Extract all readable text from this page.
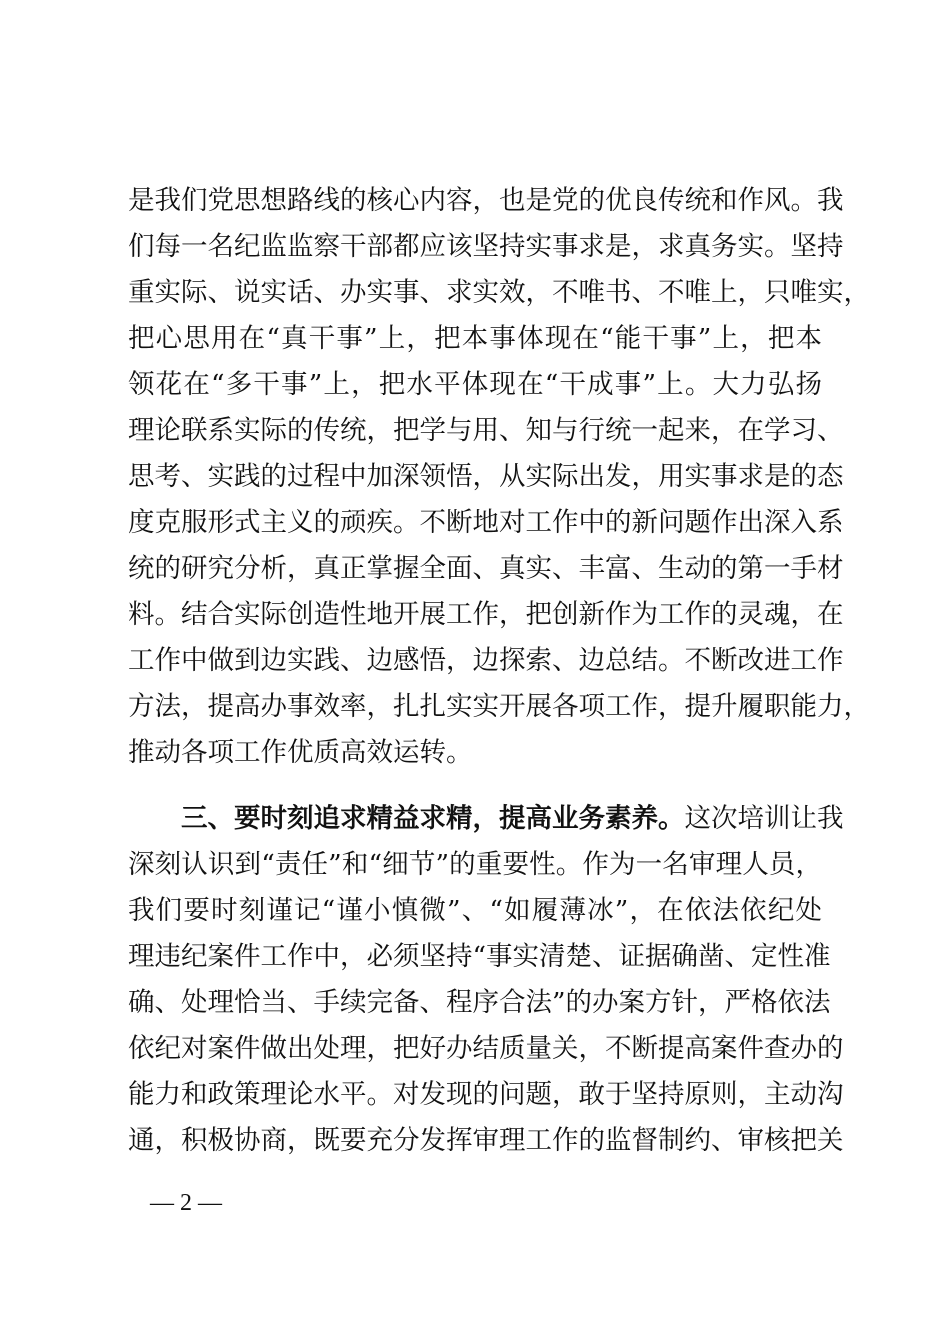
是我们党思想路线的核心内容，也是党的优良传统和作风。我
们每一名纪监监察干部都应该坚持实事求是，求真务实。坚持
重实际、说实话、办实事、求实效，不唯书、不唯上，只唯实，
把心思用在“真干事”上，把本事体现在“能干事”上，把本
领花在“多干事”上，把水平体现在“干成事”上。大力弘扬
理论联系实际的传统，把学与用、知与行统一起来，在学习、
思考、实践的过程中加深领悟，从实际出发，用实事求是的态
度克服形式主义的顽疾。不断地对工作中的新问题作出深入系
统的研究分析，真正掌握全面、真实、丰富、生动的第一手材
料。结合实际创造性地开展工作，把创新作为工作的灵魂，在
工作中做到边实践、边感悟，边探索、边总结。不断改进工作
方法，提高办事效率，扎扎实实开展各项工作，提升履职能力，
推动各项工作优质高效运转。
三、要时刻追求精益求精，提高业务素养。这次培训让我
深刻认识到“责任”和“细节”的重要性。作为一名审理人员，
我们要时刻谨记“谨小慎微”、“如履薄冰”，在依法依纪处
理违纪案件工作中，必须坚持“事实清楚、证据确凿、定性准
确、处理恰当、手续完备、程序合法”的办案方针，严格依法
依纪对案件做出处理，把好办结质量关，不断提高案件查办的
能力和政策理论水平。对发现的问题，敢于坚持原则，主动沟
通，积极协商，既要充分发挥审理工作的监督制约、审核把关
— 2 —
